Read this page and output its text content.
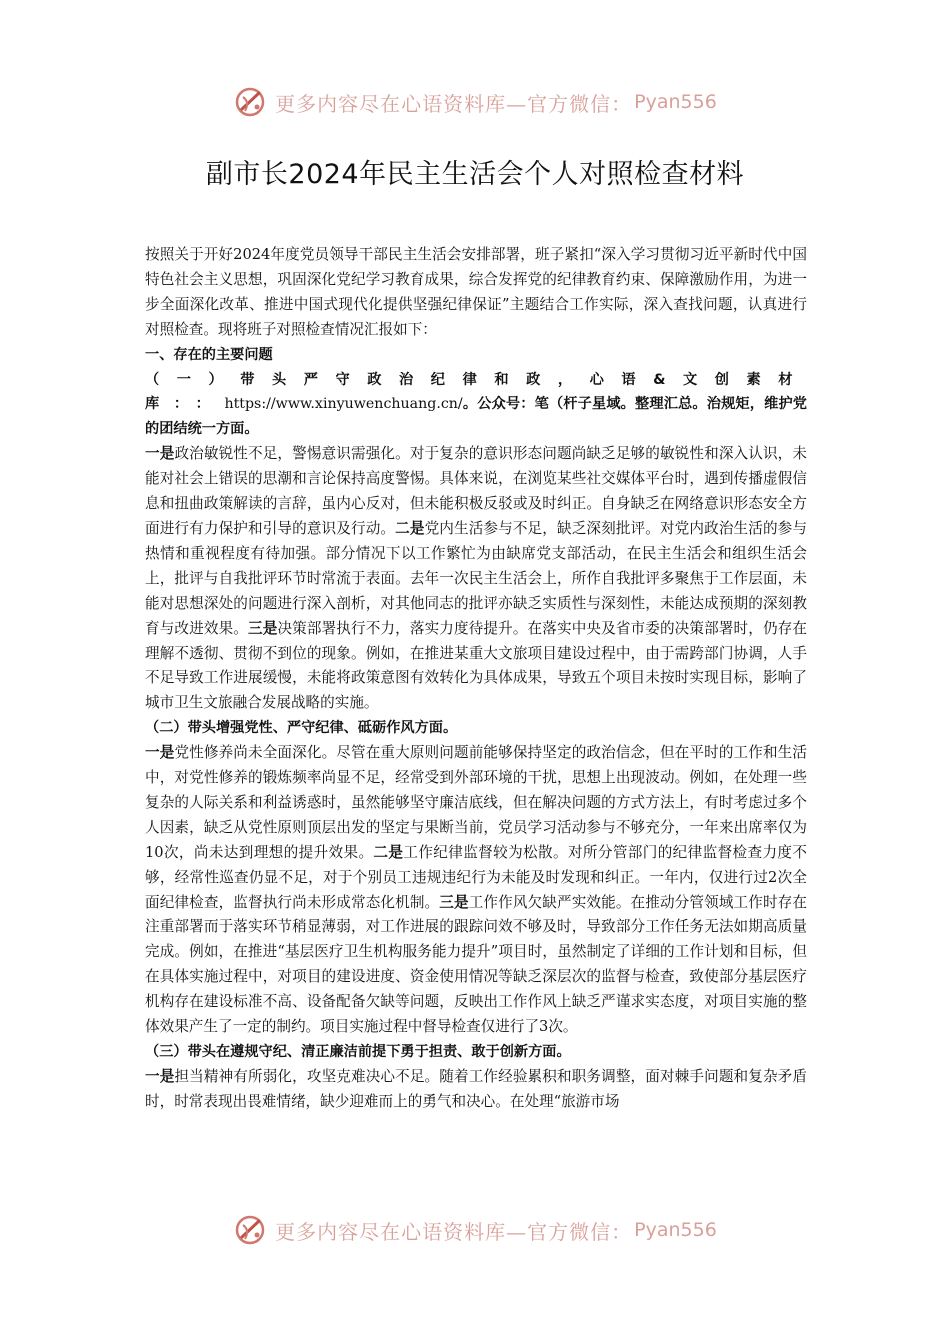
更多内容尽在心语资料库—官方微信： Pyan556
副市长2024年民主生活会个人对照检查材料

按照关于开好2024年度党员领导干部民主生活会安排部署，班子紧扣“深入学习贯彻习近平新时代中国特色社会主义思想，巩固深化党纪学习教育成果，综合发挥党的纪律教育约束、保障激励作用，为进一步全面深化改革、推进中国式现代化提供坚强纪律保证”主题结合工作实际，深入查找问题，认真进行对照检查。现将班子对照检查情况汇报如下：

一、存在的主要问题

（一）带头严守政治纪律和政，心语&文创素材库：：https://www.xinyuwenchuang.cn/。公众号：笔（杆子星域。整理汇总。治规矩，维护党的团结统一方面。

一是政治敏锐性不足，警惕意识需强化。对于复杂的意识形态问题尚缺乏足够的敏锐性和深入认识，未能对社会上错误的思潮和言论保持高度警惕。具体来说，在浏览某些社交媒体平台时，遇到传播虚假信息和扭曲政策解读的言辞，虽内心反对，但未能积极反驳或及时纠正。自身缺乏在网络意识形态安全方面进行有力保护和引导的意识及行动。二是党内生活参与不足，缺乏深刻批评。对党内政治生活的参与热情和重视程度有待加强。部分情况下以工作繁忙为由缺席党支部活动，在民主生活会和组织生活会上，批评与自我批评环节时常流于表面。去年一次民主生活会上，所作自我批评多聚焦于工作层面，未能对思想深处的问题进行深入剖析，对其他同志的批评亦缺乏实质性与深刻性，未能达成预期的深刻教育与改进效果。三是决策部署执行不力，落实力度待提升。在落实中央及省市委的决策部署时，仍存在理解不透彻、贯彻不到位的现象。例如，在推进某重大文旅项目建设过程中，由于需跨部门协调，人手不足导致工作进展缓慢，未能将政策意图有效转化为具体成果，导致五个项目未按时实现目标，影响了城市卫生文旅融合发展战略的实施。

（二）带头增强党性、严守纪律、砥砺作风方面。

一是党性修养尚未全面深化。尽管在重大原则问题前能够保持坚定的政治信念，但在平时的工作和生活中，对党性修养的锻炼频率尚显不足，经常受到外部环境的干扰，思想上出现波动。例如，在处理一些复杂的人际关系和利益诱惑时，虽然能够坚守廉洁底线，但在解决问题的方式方法上，有时考虑过多个人因素，缺乏从党性原则顶层出发的坚定与果断当前，党员学习活动参与不够充分，一年来出席率仅为10次，尚未达到理想的提升效果。二是工作纪律监督较为松散。对所分管部门的纪律监督检查力度不够，经常性巡查仍显不足，对于个别员工违规违纪行为未能及时发现和纠正。一年内，仅进行过2次全面纪律检查，监督执行尚未形成常态化机制。三是工作作风欠缺严实效能。在推动分管领域工作时存在注重部署而于落实环节稍显薄弱，对工作进展的跟踪问效不够及时，导致部分工作任务无法如期高质量完成。例如，在推进“基层医疗卫生机构服务能力提升”项目时，虽然制定了详细的工作计划和目标，但在具体实施过程中，对项目的建设进度、资金使用情况等缺乏深层次的监督与检查，致使部分基层医疗机构存在建设标准不高、设备配备欠缺等问题，反映出工作作风上缺乏严谨求实态度，对项目实施的整体效果产生了一定的制约。项目实施过程中督导检查仅进行了3次。

（三）带头在遵规守纪、清正廉洁前提下勇于担责、敢于创新方面。

一是担当精神有所弱化，攻坚克难决心不足。随着工作经验累积和职务调整，面对棘手问题和复杂矛盾时，时常表现出畏难情绪，缺少迎难而上的勇气和决心。在处理“旅游市场

更多内容尽在心语资料库—官方微信： Pyan556
